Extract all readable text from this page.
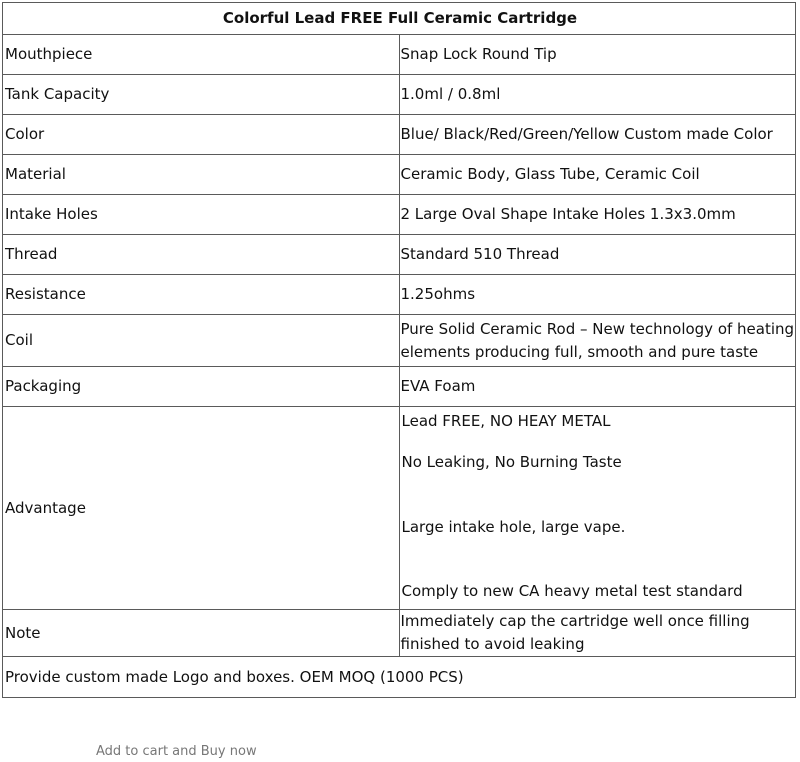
Colorful Lead FREE Full Ceramic Cartridge	
Mouthpiece	Snap Lock Round Tip
Tank Capacity	1.0ml / 0.8ml
Color	Blue/ Black/Red/Green/Yellow Custom made Color
Material	Ceramic Body, Glass Tube, Ceramic Coil
Intake Holes	2 Large Oval Shape Intake Holes 1.3x3.0mm
Thread	Standard 510 Thread
Resistance	1.25ohms
Coil	Pure Solid Ceramic Rod – New technology of heating elements producing full, smooth and pure taste
Packaging	EVA Foam
Advantage	Lead FREE, NO HEAY METAL
No Leaking, No Burning Taste
Large intake hole, large vape.
Comply to new CA heavy metal test standard

Note	Immediately cap the cartridge well once filling finished to avoid leaking
Provide custom made Logo and boxes. OEM MOQ (1000 PCS)	
Add to cart and Buy now
